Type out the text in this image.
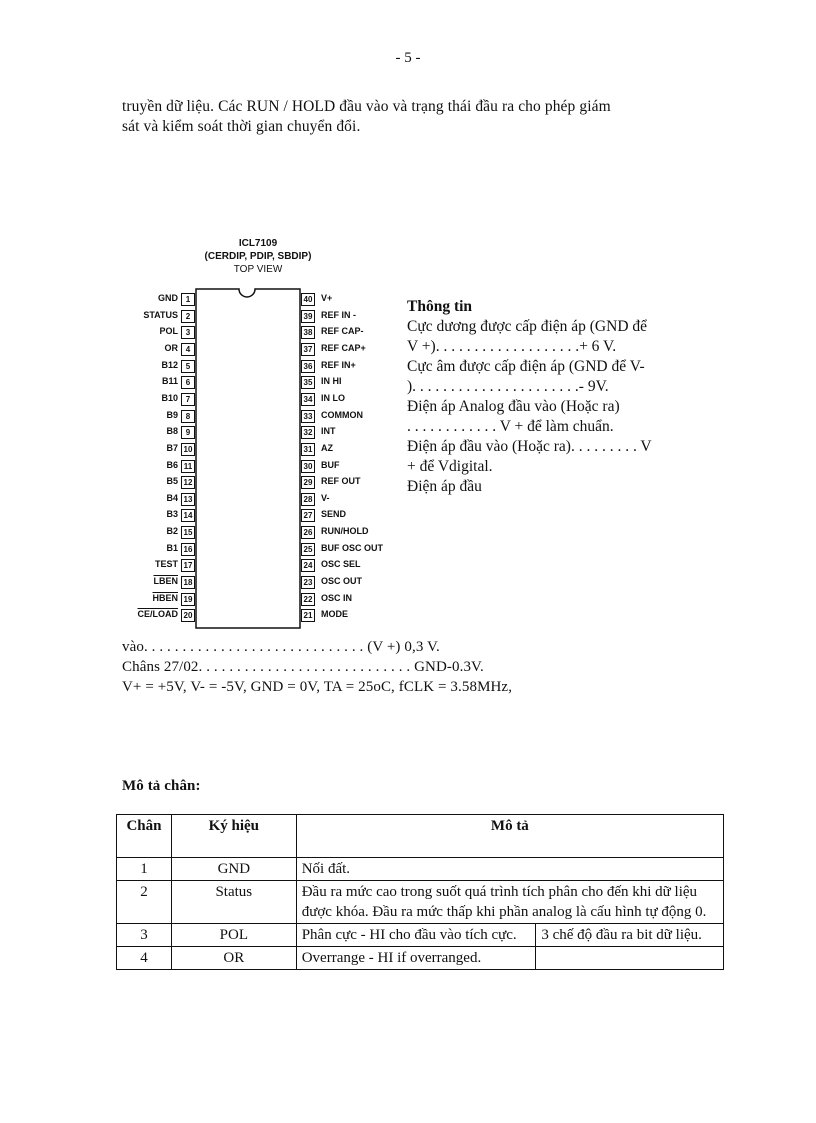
- 5 -
truyền dữ liệu. Các RUN / HOLD đầu vào và trạng thái đầu ra cho phép giám
sát và kiểm soát thời gian chuyển đổi.
ICL7109
(CERDIP, PDIP, SBDIP)
TOP VIEW
GND 1
STATUS 2
POL 3
OR 4
B12 5
B11 6
B10 7
B9 8
B8 9
B7 10
B6 11
B5 12
B4 13
B3 14
B2 15
B1 16
TEST 17
LBEN 18
HBEN 19
CE/LOAD 20
40 V+
39 REF IN -
38 REF CAP-
37 REF CAP+
36 REF IN+
35 IN HI
34 IN LO
33 COMMON
32 INT
31 AZ
30 BUF
29 REF OUT
28 V-
27 SEND
26 RUN/HOLD
25 BUF OSC OUT
24 OSC SEL
23 OSC OUT
22 OSC IN
21 MODE
Thông tin
Cực dương được cấp điện áp (GND để
V +). . . . . . . . . . . . . . . . . . .+ 6 V.
Cực âm được cấp điện áp (GND để V-
). . . . . . . . . . . . . . . . . . . . . .- 9V.
Điện áp Analog đầu vào (Hoặc ra)
. . . . . . . . . . . . V + để làm chuẩn.
Điện áp đầu vào (Hoặc ra). . . . . . . . . V
+ để Vdigital.
Điện áp đầu
vào. . . . . . . . . . . . . . . . . . . . . . . . . . . . . (V +) 0,3 V.
Châns 27/02. . . . . . . . . . . . . . . . . . . . . . . . . . . . GND-0.3V.
V+ = +5V, V- = -5V, GND = 0V, TA = 25oC, fCLK = 3.58MHz,
Mô tả chân:
Chân	Ký hiệu	Mô tả	
1	GND	Nối đất.	
2	Status	Đầu ra mức cao trong suốt quá trình tích phân cho đến khi dữ liệu được khóa. Đầu ra mức thấp khi phần analog là cấu hình tự động 0.	
3	POL	Phân cực - HI cho đầu vào tích cực.	3 chế độ đầu ra bit dữ liệu.
4	OR	Overrange - HI if overranged.	
